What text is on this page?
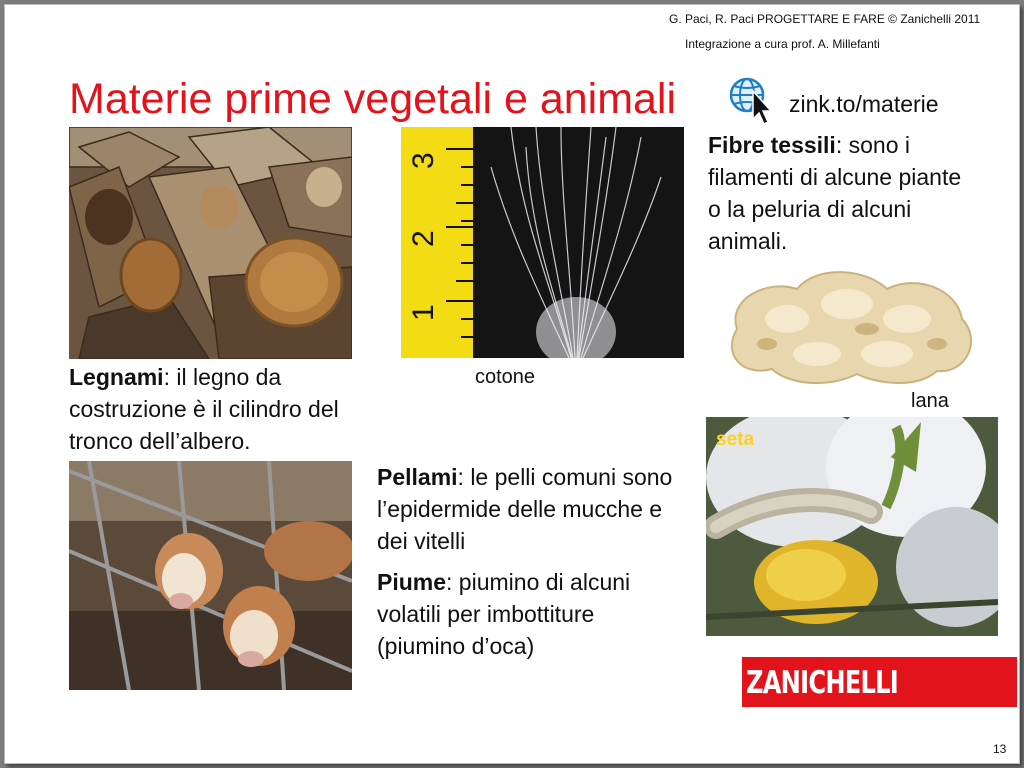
G. Paci, R. Paci PROGETTARE E FARE © Zanichelli 2011
Integrazione a cura prof. A. Millefanti
Materie prime vegetali e animali	zink.to/materie
3
2
1
Fibre tessili: sono i filamenti di alcune piante o la peluria di alcuni animali.
Legnami: il legno da costruzione è il cilindro del tronco dell’albero.
Pellami: le pelli comuni sono l’epidermide delle mucche e dei vitelli
Piume: piumino di alcuni volatili per imbottiture (piumino d’oca)
cotone
lana
seta
ZANICHELLI
13
